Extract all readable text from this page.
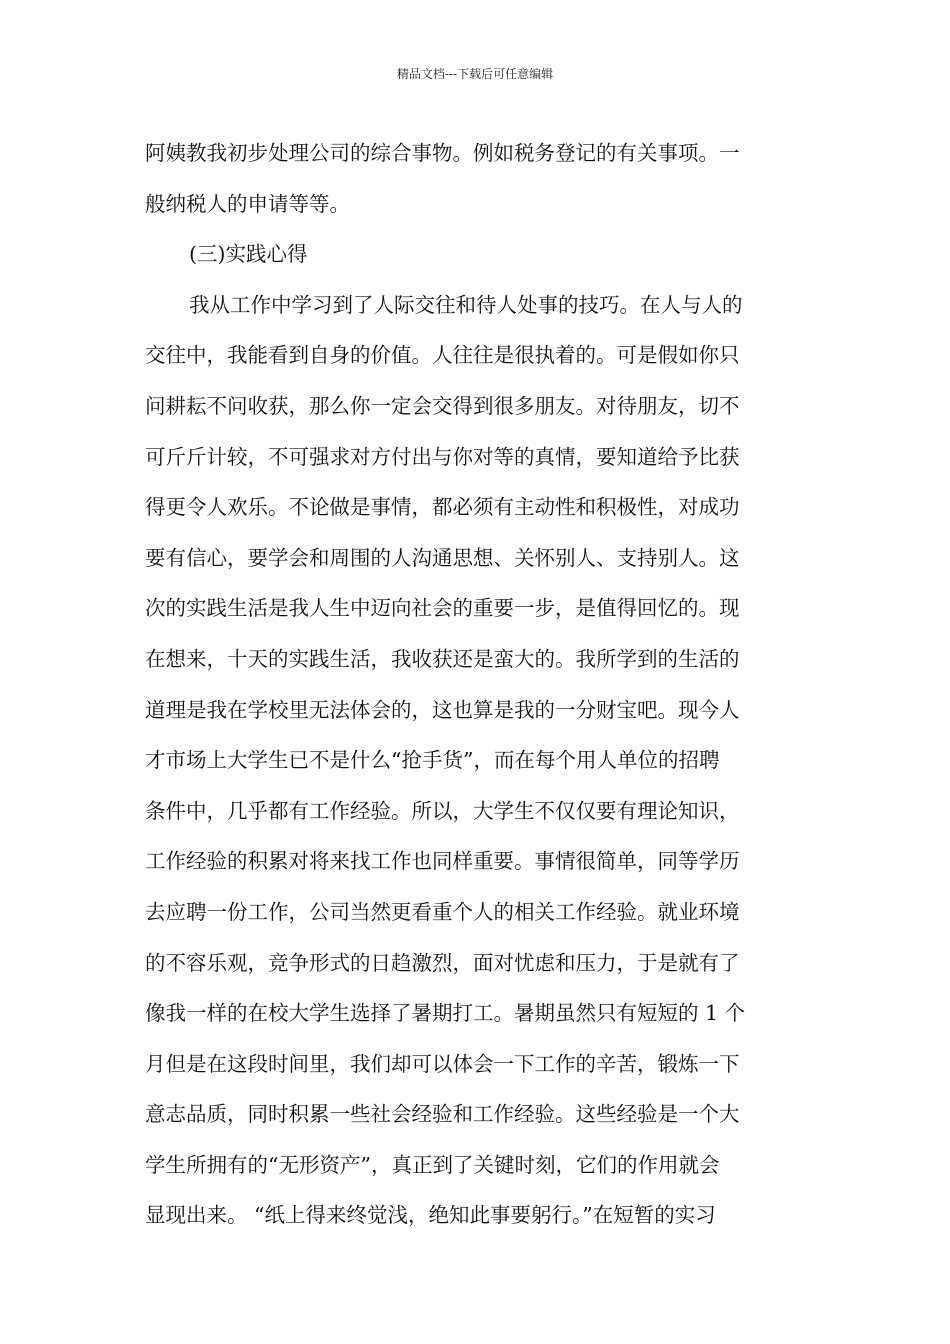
精品文档---下载后可任意编辑
阿姨教我初步处理公司的综合事物。例如税务登记的有关事项。一
般纳税人的申请等等。
(三)实践心得
我从工作中学习到了人际交往和待人处事的技巧。在人与人的
交往中，我能看到自身的价值。人往往是很执着的。可是假如你只
问耕耘不问收获，那么你一定会交得到很多朋友。对待朋友，切不
可斤斤计较，不可强求对方付出与你对等的真情，要知道给予比获
得更令人欢乐。不论做是事情，都必须有主动性和积极性，对成功
要有信心，要学会和周围的人沟通思想、关怀别人、支持别人。这
次的实践生活是我人生中迈向社会的重要一步，是值得回忆的。现
在想来，十天的实践生活，我收获还是蛮大的。我所学到的生活的
道理是我在学校里无法体会的，这也算是我的一分财宝吧。现今人
才市场上大学生已不是什么“抢手货”，而在每个用人单位的招聘
条件中，几乎都有工作经验。所以，大学生不仅仅要有理论知识，
工作经验的积累对将来找工作也同样重要。事情很简单，同等学历
去应聘一份工作，公司当然更看重个人的相关工作经验。就业环境
的不容乐观，竞争形式的日趋激烈，面对忧虑和压力，于是就有了
像我一样的在校大学生选择了暑期打工。暑期虽然只有短短的 1 个
月但是在这段时间里，我们却可以体会一下工作的辛苦，锻炼一下
意志品质，同时积累一些社会经验和工作经验。这些经验是一个大
学生所拥有的“无形资产”，真正到了关键时刻，它们的作用就会
显现出来。 “纸上得来终觉浅，绝知此事要躬行。”在短暂的实习
